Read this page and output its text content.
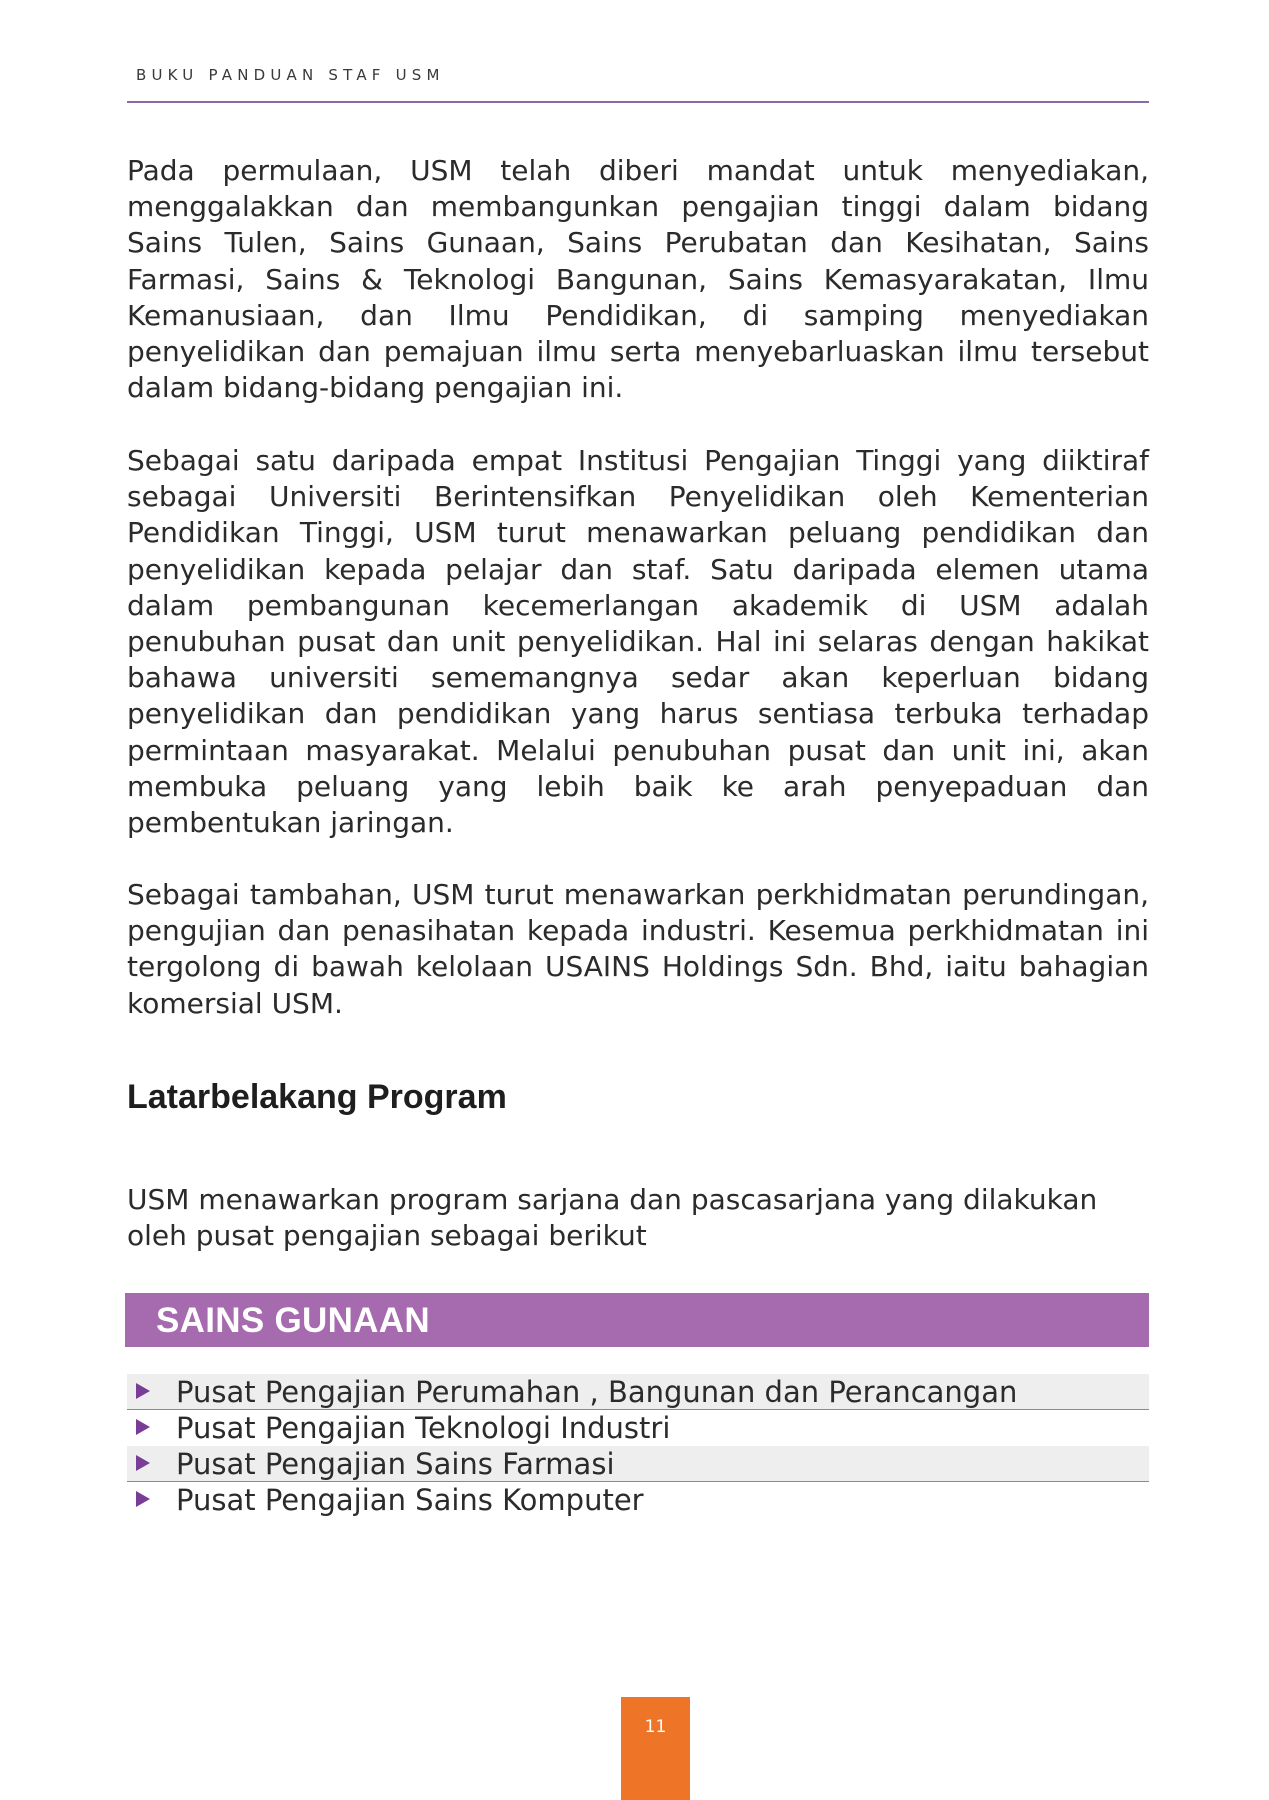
BUKU PANDUAN STAF USM

Pada permulaan, USM telah diberi mandat untuk menyediakan, menggalakkan dan membangunkan pengajian tinggi dalam bidang Sains Tulen, Sains Gunaan, Sains Perubatan dan Kesihatan, Sains Farmasi, Sains & Teknologi Bangunan, Sains Kemasyarakatan, Ilmu Kemanusiaan, dan Ilmu Pendidikan, di samping menyediakan penyelidikan dan pemajuan ilmu serta menyebarluaskan ilmu tersebut dalam bidang-bidang pengajian ini.

Sebagai satu daripada empat Institusi Pengajian Tinggi yang diiktiraf sebagai Universiti Berintensifkan Penyelidikan oleh Kementerian Pendidikan Tinggi, USM turut menawarkan peluang pendidikan dan penyelidikan kepada pelajar dan staf. Satu daripada elemen utama dalam pembangunan kecemerlangan akademik di USM adalah penubuhan pusat dan unit penyelidikan. Hal ini selaras dengan hakikat bahawa universiti sememangnya sedar akan keperluan bidang penyelidikan dan pendidikan yang harus sentiasa terbuka terhadap permintaan masyarakat. Melalui penubuhan pusat dan unit ini, akan membuka peluang yang lebih baik ke arah penyepaduan dan pembentukan jaringan.

Sebagai tambahan, USM turut menawarkan perkhidmatan perundingan, pengujian dan penasihatan kepada industri. Kesemua perkhidmatan ini tergolong di bawah kelolaan USAINS Holdings Sdn. Bhd, iaitu bahagian komersial USM.

Latarbelakang Program

USM menawarkan program sarjana dan pascasarjana yang dilakukan oleh pusat pengajian sebagai berikut

SAINS GUNAAN
Pusat Pengajian Perumahan , Bangunan dan Perancangan
Pusat Pengajian Teknologi Industri
Pusat Pengajian Sains Farmasi
Pusat Pengajian Sains Komputer
11
